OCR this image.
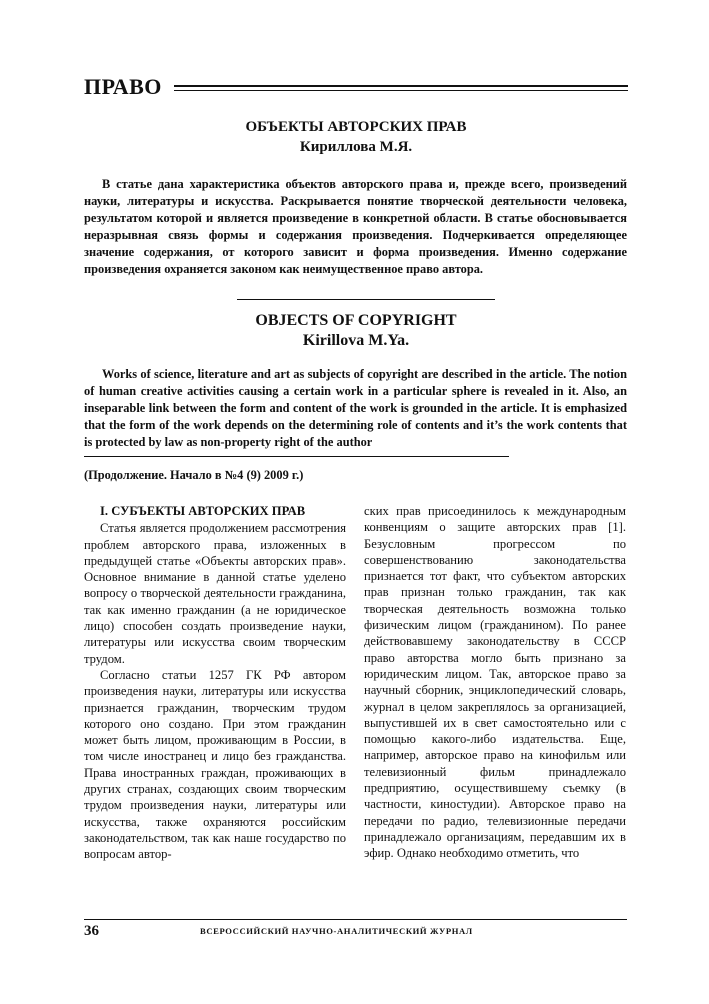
ПРАВО
ОБЪЕКТЫ АВТОРСКИХ ПРАВ
Кириллова М.Я.

В статье дана характеристика объектов авторского права и, прежде всего, произведений науки, литературы и искусства. Раскрывается понятие творческой деятельности человека, результатом которой и является произведение в конкретной области. В статье обосновывается неразрывная связь формы и содержания произведения. Подчеркивается определяющее значение содержания, от которого зависит и форма произведения. Именно содержание произведения охраняется законом как неимущественное право автора.

OBJECTS OF COPYRIGHT
Kirillova M.Ya.

Works of science, literature and art as subjects of copyright are described in the article. The notion of human creative activities causing a certain work in a particular sphere is revealed in it. Also, an inseparable link between the form and content of the work is grounded in the article. It is emphasized that the form of the work depends on the determining role of contents and it’s the work contents that is protected by law as non-property right of the author

(Продолжение. Начало в №4 (9) 2009 г.)
I. СУБЪЕКТЫ АВТОРСКИХ ПРАВ

Статья является продолжением рассмотрения проблем авторского права, изложенных в предыдущей статье «Объекты авторских прав». Основное внимание в данной статье уделено вопросу о творческой деятельности гражданина, так как именно гражданин (а не юридическое лицо) способен создать произведение науки, литературы или искусства своим творческим трудом.

Согласно статьи 1257 ГК РФ автором произведения науки, литературы или искусства признается гражданин, творческим трудом которого оно создано. При этом гражданин может быть лицом, проживающим в России, в том числе иностранец и лицо без гражданства. Права иностранных граждан, проживающих в других странах, создающих своим творческим трудом произведения науки, литературы или искусства, также охраняются российским законодательством, так как наше государство по вопросам автор-

ских прав присоединилось к международным конвенциям о защите авторских прав [1]. Безусловным прогрессом по совершенствованию законодательства признается тот факт, что субъектом авторских прав признан только гражданин, так как творческая деятельность возможна только физическим лицом (гражданином). По ранее действовавшему законодательству в СССР право авторства могло быть признано за юридическим лицом. Так, авторское право за научный сборник, энциклопедический словарь, журнал в целом закреплялось за организацией, выпустившей их в свет самостоятельно или с помощью какого-либо издательства. Еще, например, авторское право на кинофильм или телевизионный фильм принадлежало предприятию, осуществившему съемку (в частности, киностудии). Авторское право на передачи по радио, телевизионные передачи принадлежало организациям, передавшим их в эфир. Однако необходимо отметить, что

36	ВСЕРОССИЙСКИЙ НАУЧНО-АНАЛИТИЧЕСКИЙ ЖУРНАЛ
